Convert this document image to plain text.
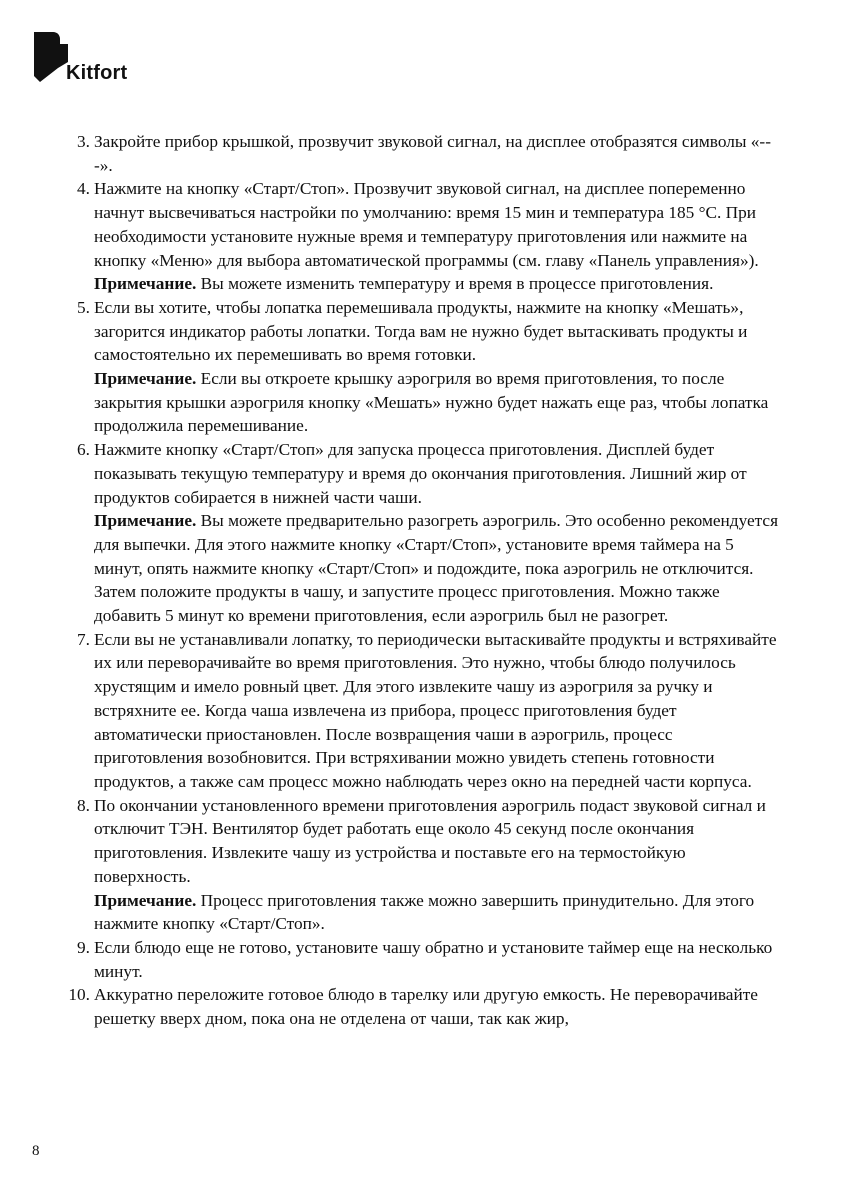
Kitfort
3. Закройте прибор крышкой, прозвучит звуковой сигнал, на дисплее отобразятся символы «---».

4. Нажмите на кнопку «Старт/Стоп». Прозвучит звуковой сигнал, на дисплее попеременно начнут высвечиваться настройки по умолчанию: время 15 мин и температура 185 °С. При необходимости установите нужные время и температуру приготовления или нажмите на кнопку «Меню» для выбора автоматической программы (см. главу «Панель управления»).

Примечание. Вы можете изменить температуру и время в процессе приготовления.

5. Если вы хотите, чтобы лопатка перемешивала продукты, нажмите на кнопку «Мешать», загорится индикатор работы лопатки. Тогда вам не нужно будет вытаскивать продукты и самостоятельно их перемешивать во время готовки.

Примечание. Если вы откроете крышку аэрогриля во время приготовления, то после закрытия крышки аэрогриля кнопку «Мешать» нужно будет нажать еще раз, чтобы лопатка продолжила перемешивание.

6. Нажмите кнопку «Старт/Стоп» для запуска процесса приготовления. Дисплей будет показывать текущую температуру и время до окончания приготовления. Лишний жир от продуктов собирается в нижней части чаши.

Примечание. Вы можете предварительно разогреть аэрогриль. Это особенно рекомендуется для выпечки. Для этого нажмите кнопку «Старт/Стоп», установите время таймера на 5 минут, опять нажмите кнопку «Старт/Стоп» и подождите, пока аэрогриль не отключится. Затем положите продукты в чашу, и запустите процесс приготовления. Можно также добавить 5 минут ко времени приготовления, если аэрогриль был не разогрет.

7. Если вы не устанавливали лопатку, то периодически вытаскивайте продукты и встряхивайте их или переворачивайте во время приготовления. Это нужно, чтобы блюдо получилось хрустящим и имело ровный цвет. Для этого извлеките чашу из аэрогриля за ручку и встряхните ее. Когда чаша извлечена из прибора, процесс приготовления будет автоматически приостановлен. После возвращения чаши в аэрогриль, процесс приготовления возобновится. При встряхивании можно увидеть степень готовности продуктов, а также сам процесс можно наблюдать через окно на передней части корпуса.

8. По окончании установленного времени приготовления аэрогриль подаст звуковой сигнал и отключит ТЭН. Вентилятор будет работать еще около 45 секунд после окончания приготовления. Извлеките чашу из устройства и поставьте его на термостойкую поверхность.

Примечание. Процесс приготовления также можно завершить принудительно. Для этого нажмите кнопку «Старт/Стоп».

9. Если блюдо еще не готово, установите чашу обратно и установите таймер еще на несколько минут.

10. Аккуратно переложите готовое блюдо в тарелку или другую емкость. Не переворачивайте решетку вверх дном, пока она не отделена от чаши, так как жир,

8
